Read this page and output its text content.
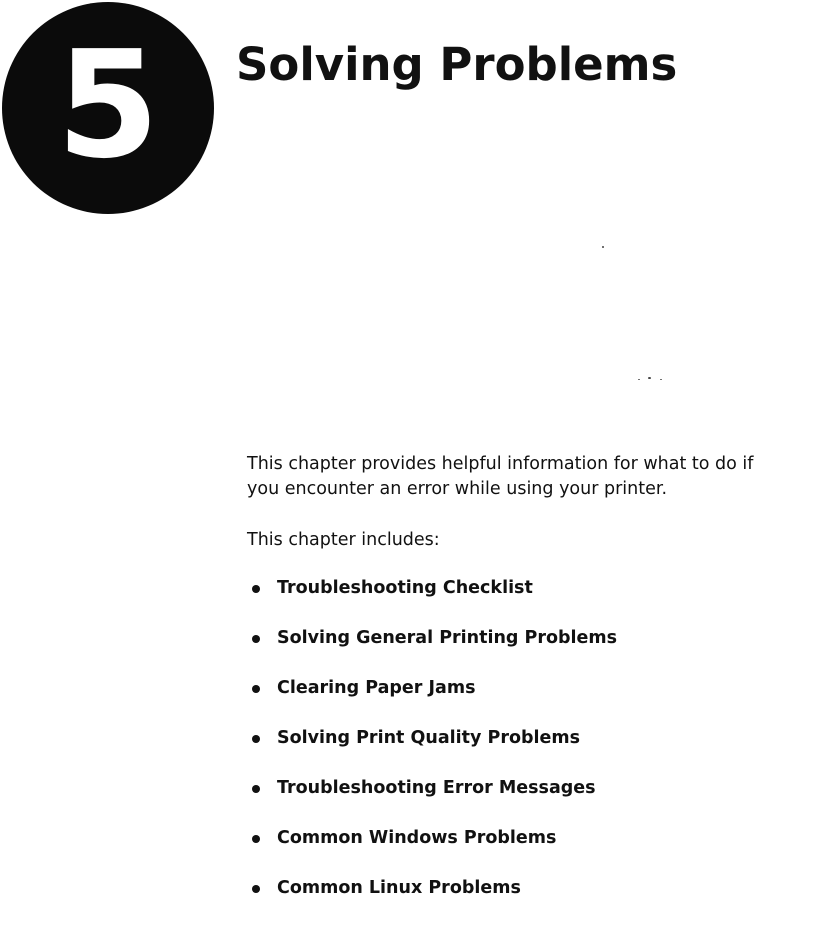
5 Solving Problems

This chapter provides helpful information for what to do if
you encounter an error while using your printer.

This chapter includes:

Troubleshooting Checklist
Solving General Printing Problems
Clearing Paper Jams
Solving Print Quality Problems
Troubleshooting Error Messages
Common Windows Problems
Common Linux Problems
